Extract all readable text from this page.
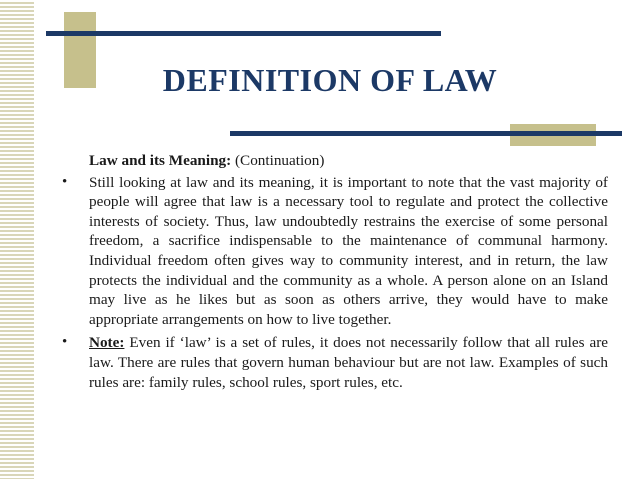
DEFINITION OF LAW
Law and its Meaning: (Continuation)
• Still looking at law and its meaning, it is important to note that the vast majority of people will agree that law is a necessary tool to regulate and protect the collective interests of society. Thus, law undoubtedly restrains the exercise of some personal freedom, a sacrifice indispensable to the maintenance of communal harmony. Individual freedom often gives way to community interest, and in return, the law protects the individual and the community as a whole. A person alone on an Island may live as he likes but as soon as others arrive, they would have to make appropriate arrangements on how to live together.
• Note: Even if ‘law’ is a set of rules, it does not necessarily follow that all rules are law. There are rules that govern human behaviour but are not law. Examples of such rules are: family rules, school rules, sport rules, etc.
